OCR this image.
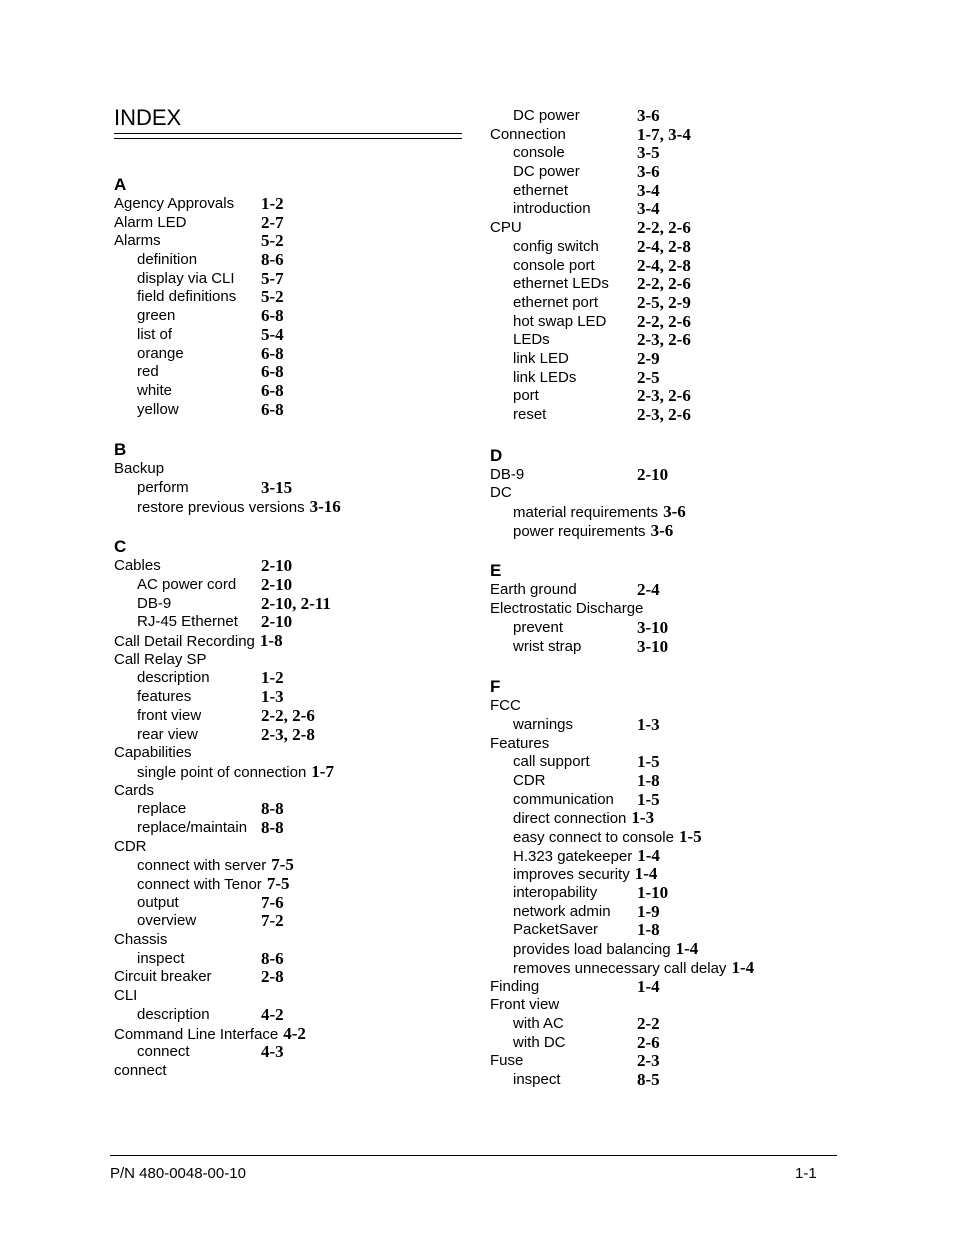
INDEX
A
Agency Approvals 1-2
Alarm LED	2-7
Alarms	5-2
definition	8-6
display via CLI 5-7
field definitions 5-2
green	6-8
list of	5-4
orange	6-8
red	6-8
white	6-8
yellow	6-8
B
Backup
perform	3-15
restore previous versions 3-16
C
Cables	2-10
AC power cord 2-10
DB-9	2-10, 2-11
RJ-45 Ethernet 2-10
Call Detail Recording 1-8
Call Relay SP
description	1-2
features	1-3
front view	2-2, 2-6
rear view	2-3, 2-8
Capabilities
single point of connection 1-7
Cards
replace	8-8
replace/maintain 8-8
CDR
connect with server 7-5
connect with Tenor 7-5
output	7-6
overview	7-2
Chassis
inspect	8-6
Circuit breaker	2-8
CLI
description	4-2
Command Line Interface 4-2
connect	4-3
connect
DC power	3-6
Connection	1-7, 3-4
console	3-5
DC power	3-6
ethernet	3-4
introduction	3-4
CPU	2-2, 2-6
config switch 2-4, 2-8
console port 2-4, 2-8
ethernet LEDs 2-2, 2-6
ethernet port 2-5, 2-9
hot swap LED 2-2, 2-6
LEDs	2-3, 2-6
link LED	2-9
link LEDs	2-5
port	2-3, 2-6
reset	2-3, 2-6
D
DB-9	2-10
DC
material requirements 3-6
power requirements 3-6
E
Earth ground	2-4
Electrostatic Discharge
prevent	3-10
wrist strap	3-10
F
FCC
warnings	1-3
Features
call support	1-5
CDR	1-8
communication 1-5
direct connection 1-3
easy connect to console 1-5
H.323 gatekeeper 1-4
improves security 1-4
interopability 1-10
network admin 1-9
PacketSaver 1-8
provides load balancing 1-4
removes unnecessary call delay 1-4
Finding	1-4
Front view
with AC	2-2
with DC	2-6
Fuse	2-3
inspect	8-5
P/N 480-0048-00-10	1-1
